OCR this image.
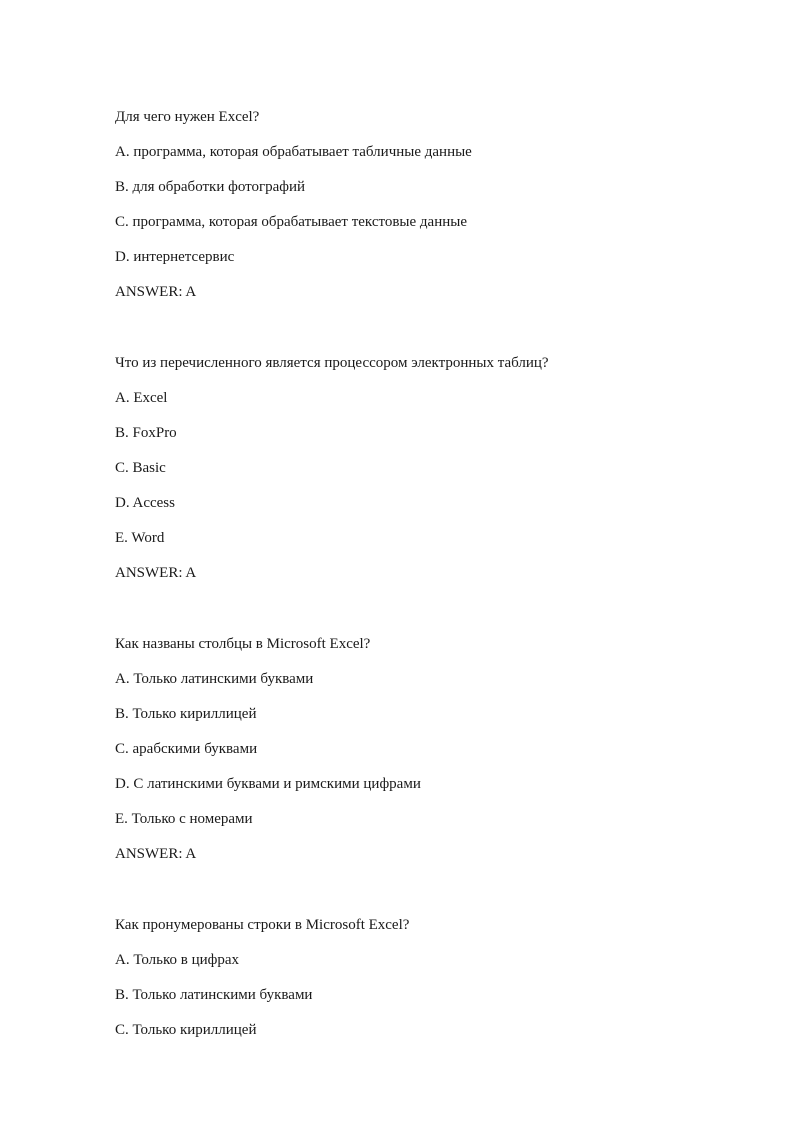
Для чего нужен Excel?
A. программа, которая обрабатывает табличные данные
B. для обработки фотографий
C. программа, которая обрабатывает текстовые данные
D. интернетсервис
ANSWER: A
Что из перечисленного является процессором электронных таблиц?
A. Excel
B. FoxPro
C. Basic
D. Access
E. Word
ANSWER: A
Как названы столбцы в Microsoft Excel?
A. Только латинскими буквами
B. Только кириллицей
C. арабскими буквами
D. С латинскими буквами и римскими цифрами
E. Только с номерами
ANSWER: A
Как пронумерованы строки в Microsoft Excel?
A. Только в цифрах
B. Только латинскими буквами
C. Только кириллицей
